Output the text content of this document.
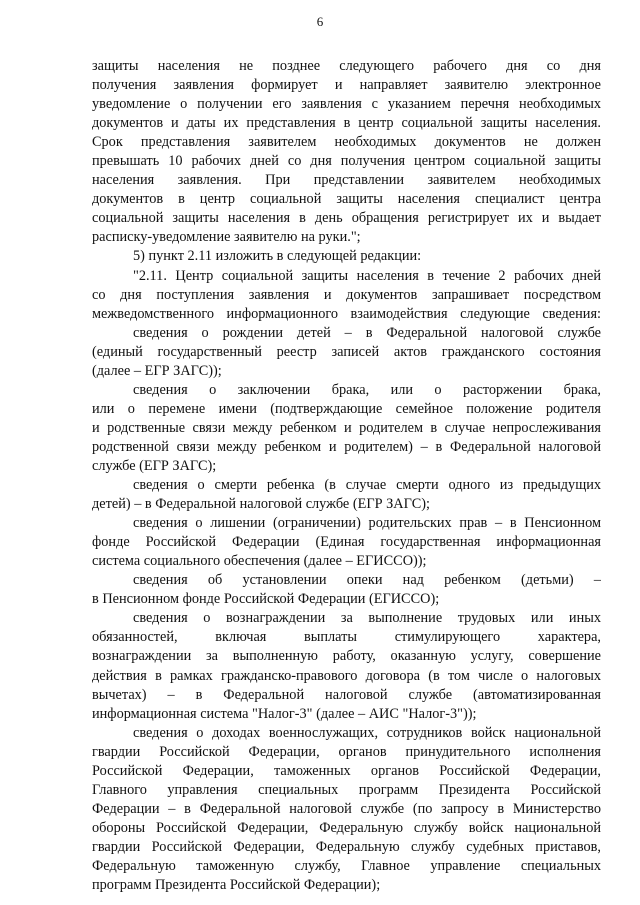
6
защиты населения не позднее следующего рабочего дня со дня
получения заявления формирует и направляет заявителю электронное
уведомление о получении его заявления с указанием перечня необходимых
документов и даты их представления в центр социальной защиты населения.
Срок представления заявителем необходимых документов не должен
превышать 10 рабочих дней со дня получения центром социальной защиты
населения заявления. При представлении заявителем необходимых
документов в центр социальной защиты населения специалист центра
социальной защиты населения в день обращения регистрирует их и выдает
расписку-уведомление заявителю на руки.";
5) пункт 2.11 изложить в следующей редакции:
"2.11. Центр социальной защиты населения в течение 2 рабочих дней
со дня поступления заявления и документов запрашивает посредством
межведомственного информационного взаимодействия следующие сведения:
сведения о рождении детей – в Федеральной налоговой службе
(единый государственный реестр записей актов гражданского состояния
(далее – ЕГР ЗАГС));
сведения о заключении брака, или о расторжении брака,
или о перемене имени (подтверждающие семейное положение родителя
и родственные связи между ребенком и родителем в случае непрослеживания
родственной связи между ребенком и родителем) – в Федеральной налоговой
службе (ЕГР ЗАГС);
сведения о смерти ребенка (в случае смерти одного из предыдущих
детей) – в Федеральной налоговой службе (ЕГР ЗАГС);
сведения о лишении (ограничении) родительских прав – в Пенсионном
фонде Российской Федерации (Единая государственная информационная
система социального обеспечения (далее – ЕГИССО));
сведения об установлении опеки над ребенком (детьми) –
в Пенсионном фонде Российской Федерации (ЕГИССО);
сведения о вознаграждении за выполнение трудовых или иных
обязанностей, включая выплаты стимулирующего характера,
вознаграждении за выполненную работу, оказанную услугу, совершение
действия в рамках гражданско-правового договора (в том числе о налоговых
вычетах) – в Федеральной налоговой службе (автоматизированная
информационная система "Налог-3" (далее – АИС "Налог-3"));
сведения о доходах военнослужащих, сотрудников войск национальной
гвардии Российской Федерации, органов принудительного исполнения
Российской Федерации, таможенных органов Российской Федерации,
Главного управления специальных программ Президента Российской
Федерации – в Федеральной налоговой службе (по запросу в Министерство
обороны Российской Федерации, Федеральную службу войск национальной
гвардии Российской Федерации, Федеральную службу судебных приставов,
Федеральную таможенную службу, Главное управление специальных
программ Президента Российской Федерации);
